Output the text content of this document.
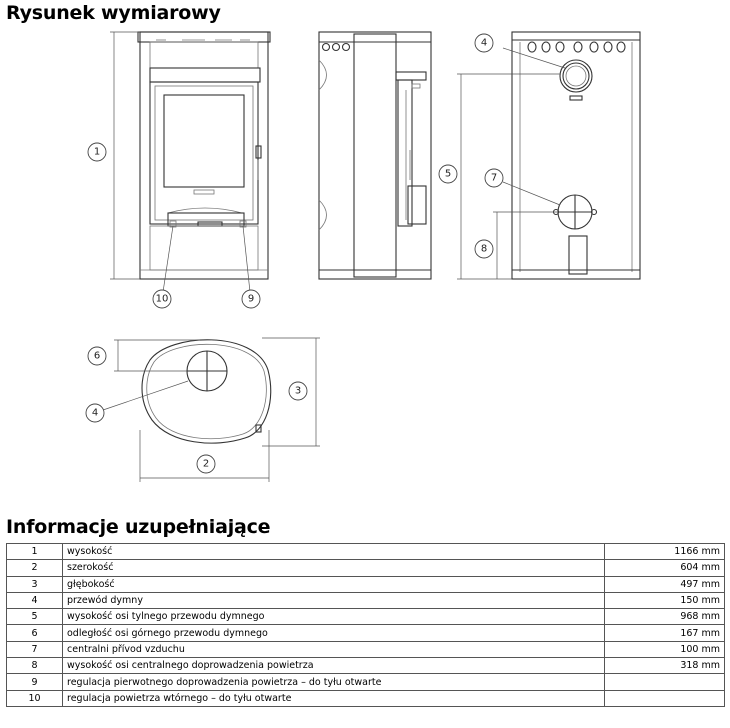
Rysunek wymiarowy
1
10	9
4
5	7
8
6
3
4
2
Informacje uzupełniające
1	wysokość	1166 mm
2	szerokość	604 mm
3	głębokość	497 mm
4	przewód dymny	150 mm
5	wysokość osi tylnego przewodu dymnego	968 mm
6	odległość osi górnego przewodu dymnego	167 mm
7	centralni přívod vzduchu	100 mm
8	wysokość osi centralnego doprowadzenia powietrza	318 mm
9	regulacja pierwotnego doprowadzenia powietrza – do tyłu otwarte	
10	regulacja powietrza wtórnego – do tyłu otwarte	
